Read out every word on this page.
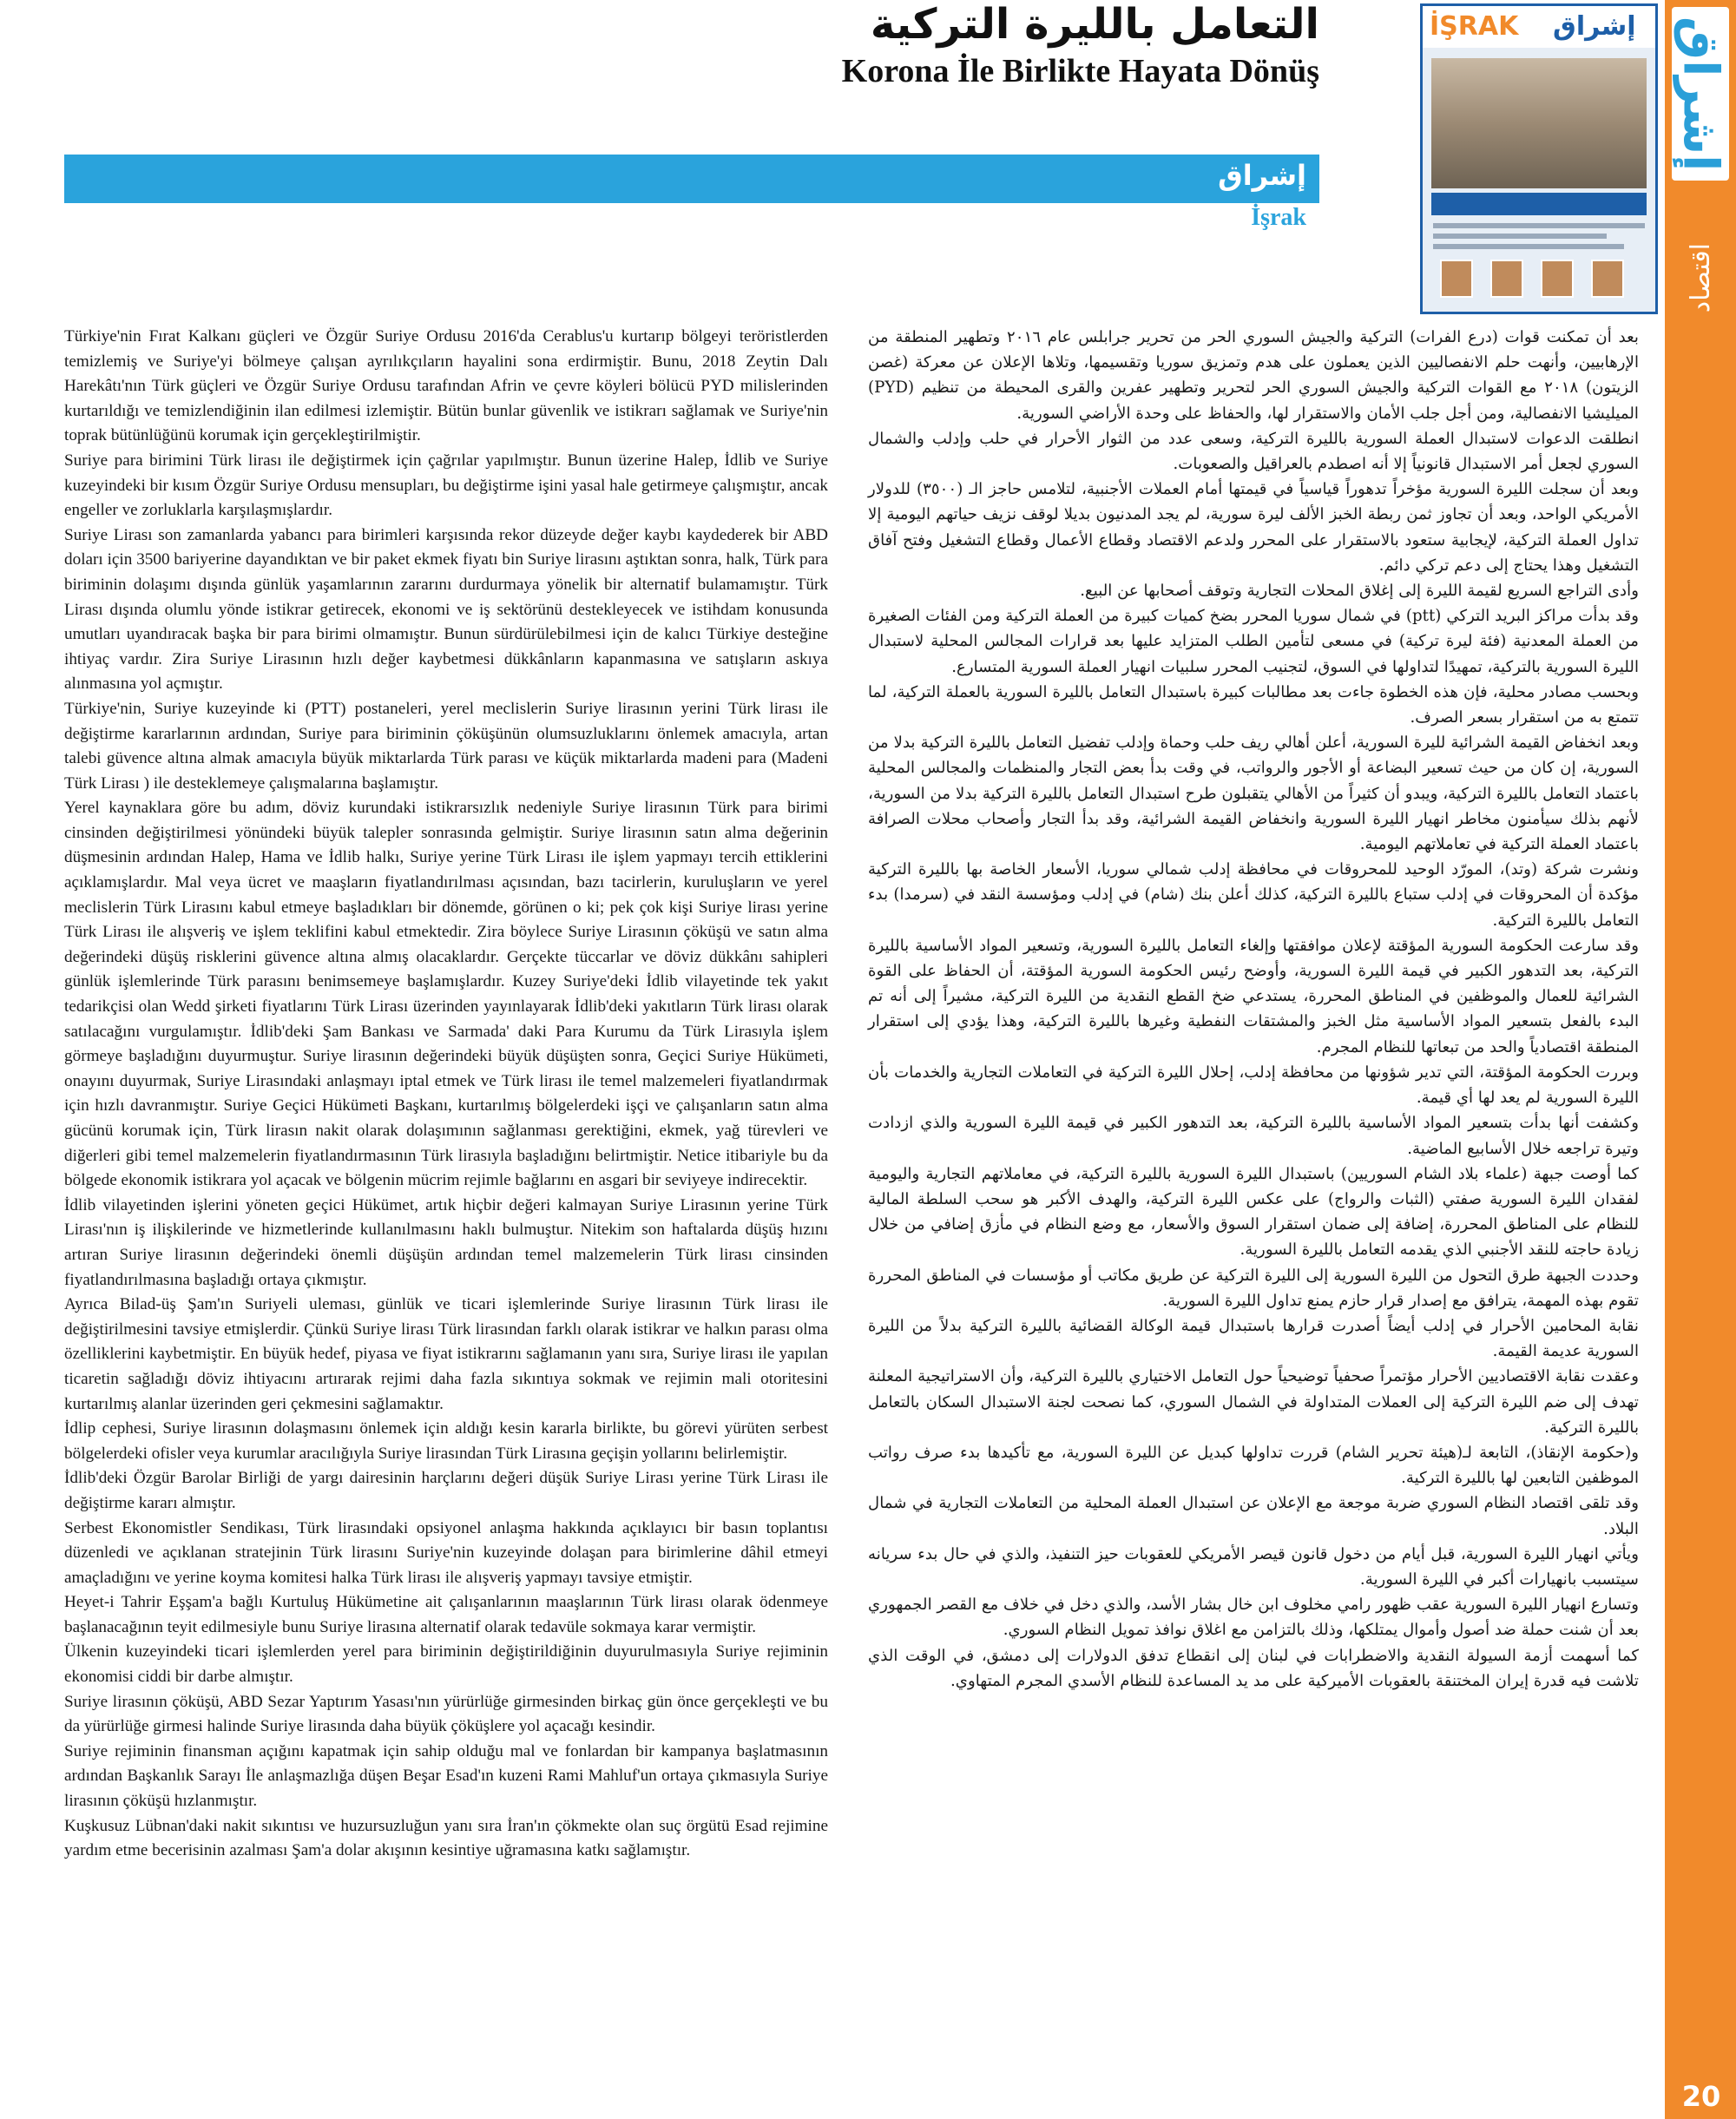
إشراق
اقتصاد
20
التعامل بالليرة التركية
Korona İle Birlikte Hayata Dönüş
إشراق
İşrak
İŞRAK إشراق

Türkiye'nin Fırat Kalkanı güçleri ve Özgür Suriye Ordusu 2016'da Cerablus'u kurtarıp bölgeyi teröristlerden temizlemiş ve Suriye'yi bölmeye çalışan ayrılıkçıların hayalini sona erdirmiştir. Bunu, 2018 Zeytin Dalı Harekâtı'nın Türk güçleri ve Özgür Suriye Ordusu tarafından Afrin ve çevre köyleri bölücü PYD milislerinden kurtarıldığı ve temizlendiğinin ilan edilmesi izlemiştir. Bütün bunlar güvenlik ve istikrarı sağlamak ve Suriye'nin toprak bütünlüğünü korumak için gerçekleştirilmiştir.

Suriye para birimini Türk lirası ile değiştirmek için çağrılar yapılmıştır. Bunun üzerine Halep, İdlib ve Suriye kuzeyindeki bir kısım Özgür Suriye Ordusu mensupları, bu değiştirme işini yasal hale getirmeye çalışmıştır, ancak engeller ve zorluklarla karşılaşmışlardır.

Suriye Lirası son zamanlarda yabancı para birimleri karşısında rekor düzeyde değer kaybı kaydederek bir ABD doları için 3500 bariyerine dayandıktan ve bir paket ekmek fiyatı bin Suriye lirasını aştıktan sonra, halk, Türk para biriminin dolaşımı dışında günlük yaşamlarının zararını durdurmaya yönelik bir alternatif bulamamıştır. Türk Lirası dışında olumlu yönde istikrar getirecek, ekonomi ve iş sektörünü destekleyecek ve istihdam konusunda umutları uyandıracak başka bir para birimi olmamıştır. Bunun sürdürülebilmesi için de kalıcı Türkiye desteğine ihtiyaç vardır. Zira Suriye Lirasının hızlı değer kaybetmesi dükkânların kapanmasına ve satışların askıya alınmasına yol açmıştır.

Türkiye'nin, Suriye kuzeyinde ki (PTT) postaneleri, yerel meclislerin Suriye lirasının yerini Türk lirası ile değiştirme kararlarının ardından, Suriye para biriminin çöküşünün olumsuzluklarını önlemek amacıyla, artan talebi güvence altına almak amacıyla büyük miktarlarda Türk parası ve küçük miktarlarda madeni para (Madeni Türk Lirası ) ile desteklemeye çalışmalarına başlamıştır.

Yerel kaynaklara göre bu adım, döviz kurundaki istikrarsızlık nedeniyle Suriye lirasının Türk para birimi cinsinden değiştirilmesi yönündeki büyük talepler sonrasında gelmiştir. Suriye lirasının satın alma değerinin düşmesinin ardından Halep, Hama ve İdlib halkı, Suriye yerine Türk Lirası ile işlem yapmayı tercih ettiklerini açıklamışlardır. Mal veya ücret ve maaşların fiyatlandırılması açısından, bazı tacirlerin, kuruluşların ve yerel meclislerin Türk Lirasını kabul etmeye başladıkları bir dönemde, görünen o ki; pek çok kişi Suriye lirası yerine Türk Lirası ile alışveriş ve işlem teklifini kabul etmektedir. Zira böylece Suriye Lirasının çöküşü ve satın alma değerindeki düşüş risklerini güvence altına almış olacaklardır. Gerçekte tüccarlar ve döviz dükkânı sahipleri günlük işlemlerinde Türk parasını benimsemeye başlamışlardır. Kuzey Suriye'deki İdlib vilayetinde tek yakıt tedarikçisi olan Wedd şirketi fiyatlarını Türk Lirası üzerinden yayınlayarak İdlib'deki yakıtların Türk lirası olarak satılacağını vurgulamıştır. İdlib'deki Şam Bankası ve Sarmada' daki Para Kurumu da Türk Lirasıyla işlem görmeye başladığını duyurmuştur. Suriye lirasının değerindeki büyük düşüşten sonra, Geçici Suriye Hükümeti, onayını duyurmak, Suriye Lirasındaki anlaşmayı iptal etmek ve Türk lirası ile temel malzemeleri fiyatlandırmak için hızlı davranmıştır. Suriye Geçici Hükümeti Başkanı, kurtarılmış bölgelerdeki işçi ve çalışanların satın alma gücünü korumak için, Türk lirasın nakit olarak dolaşımının sağlanması gerektiğini, ekmek, yağ türevleri ve diğerleri gibi temel malzemelerin fiyatlandırmasının Türk lirasıyla başladığını belirtmiştir. Netice itibariyle bu da bölgede ekonomik istikrara yol açacak ve bölgenin mücrim rejimle bağlarını en asgari bir seviyeye indirecektir.

İdlib vilayetinden işlerini yöneten geçici Hükümet, artık hiçbir değeri kalmayan Suriye Lirasının yerine Türk Lirası'nın iş ilişkilerinde ve hizmetlerinde kullanılmasını haklı bulmuştur. Nitekim son haftalarda düşüş hızını artıran Suriye lirasının değerindeki önemli düşüşün ardından temel malzemelerin Türk lirası cinsinden fiyatlandırılmasına başladığı ortaya çıkmıştır.

Ayrıca Bilad-üş Şam'ın Suriyeli uleması, günlük ve ticari işlemlerinde Suriye lirasının Türk lirası ile değiştirilmesini tavsiye etmişlerdir. Çünkü Suriye lirası Türk lirasından farklı olarak istikrar ve halkın parası olma özelliklerini kaybetmiştir. En büyük hedef, piyasa ve fiyat istikrarını sağlamanın yanı sıra, Suriye lirası ile yapılan ticaretin sağladığı döviz ihtiyacını artırarak rejimi daha fazla sıkıntıya sokmak ve rejimin mali otoritesini kurtarılmış alanlar üzerinden geri çekmesini sağlamaktır.

İdlip cephesi, Suriye lirasının dolaşmasını önlemek için aldığı kesin kararla birlikte, bu görevi yürüten serbest bölgelerdeki ofisler veya kurumlar aracılığıyla Suriye lirasından Türk Lirasına geçişin yollarını belirlemiştir.

İdlib'deki Özgür Barolar Birliği de yargı dairesinin harçlarını değeri düşük Suriye Lirası yerine Türk Lirası ile değiştirme kararı almıştır.

Serbest Ekonomistler Sendikası, Türk lirasındaki opsiyonel anlaşma hakkında açıklayıcı bir basın toplantısı düzenledi ve açıklanan stratejinin Türk lirasını Suriye'nin kuzeyinde dolaşan para birimlerine dâhil etmeyi amaçladığını ve yerine koyma komitesi halka Türk lirası ile alışveriş yapmayı tavsiye etmiştir.

Heyet-i Tahrir Eşşam'a bağlı Kurtuluş Hükümetine ait çalışanlarının maaşlarının Türk lirası olarak ödenmeye başlanacağının teyit edilmesiyle bunu Suriye lirasına alternatif olarak tedavüle sokmaya karar vermiştir.

Ülkenin kuzeyindeki ticari işlemlerden yerel para biriminin değiştirildiğinin duyurulmasıyla Suriye rejiminin ekonomisi ciddi bir darbe almıştır.

Suriye lirasının çöküşü, ABD Sezar Yaptırım Yasası'nın yürürlüğe girmesinden birkaç gün önce gerçekleşti ve bu da yürürlüğe girmesi halinde Suriye lirasında daha büyük çöküşlere yol açacağı kesindir.

Suriye rejiminin finansman açığını kapatmak için sahip olduğu mal ve fonlardan bir kampanya başlatmasının ardından Başkanlık Sarayı İle anlaşmazlığa düşen Beşar Esad'ın kuzeni Rami Mahluf'un ortaya çıkmasıyla Suriye lirasının çöküşü hızlanmıştır.

Kuşkusuz Lübnan'daki nakit sıkıntısı ve huzursuzluğun yanı sıra İran'ın çökmekte olan suç örgütü Esad rejimine yardım etme becerisinin azalması Şam'a dolar akışının kesintiye uğramasına katkı sağlamıştır.

بعد أن تمكنت قوات (درع الفرات) التركية والجيش السوري الحر من تحرير جرابلس عام ٢٠١٦ وتطهير المنطقة من الإرهابيين، وأنهت حلم الانفصاليين الذين يعملون على هدم وتمزيق سوريا وتقسيمها، وتلاها الإعلان عن معركة (غصن الزيتون) ٢٠١٨ مع القوات التركية والجيش السوري الحر لتحرير وتطهير عفرين والقرى المحيطة من تنظيم (PYD) الميليشيا الانفصالية، ومن أجل جلب الأمان والاستقرار لها، والحفاظ على وحدة الأراضي السورية.

انطلقت الدعوات لاستبدال العملة السورية بالليرة التركية، وسعى عدد من الثوار الأحرار في حلب وإدلب والشمال السوري لجعل أمر الاستبدال قانونياً إلا أنه اصطدم بالعراقيل والصعوبات.

وبعد أن سجلت الليرة السورية مؤخراً تدهوراً قياسياً في قيمتها أمام العملات الأجنبية، لتلامس حاجز الـ (٣٥٠٠) للدولار الأمريكي الواحد، وبعد أن تجاوز ثمن ربطة الخبز الألف ليرة سورية، لم يجد المدنيون بديلا لوقف نزيف حياتهم اليومية إلا تداول العملة التركية، لإيجابية ستعود بالاستقرار على المحرر ولدعم الاقتصاد وقطاع الأعمال وقطاع التشغيل وفتح آفاق التشغيل وهذا يحتاج إلى دعم تركي دائم.

وأدى التراجع السريع لقيمة الليرة إلى إغلاق المحلات التجارية وتوقف أصحابها عن البيع.

وقد بدأت مراكز البريد التركي (ptt) في شمال سوريا المحرر بضخ كميات كبيرة من العملة التركية ومن الفئات الصغيرة من العملة المعدنية (فئة ليرة تركية) في مسعى لتأمين الطلب المتزايد عليها بعد قرارات المجالس المحلية لاستبدال الليرة السورية بالتركية، تمهيدًا لتداولها في السوق، لتجنيب المحرر سلبيات انهيار العملة السورية المتسارع.

وبحسب مصادر محلية، فإن هذه الخطوة جاءت بعد مطالبات كبيرة باستبدال التعامل بالليرة السورية بالعملة التركية، لما تتمتع به من استقرار بسعر الصرف.

وبعد انخفاض القيمة الشرائية لليرة السورية، أعلن أهالي ريف حلب وحماة وإدلب تفضيل التعامل بالليرة التركية بدلا من السورية، إن كان من حيث تسعير البضاعة أو الأجور والرواتب، في وقت بدأ بعض التجار والمنظمات والمجالس المحلية باعتماد التعامل بالليرة التركية، ويبدو أن كثيراً من الأهالي يتقبلون طرح استبدال التعامل بالليرة التركية بدلا من السورية، لأنهم بذلك سيأمنون مخاطر انهيار الليرة السورية وانخفاض القيمة الشرائية، وقد بدأ التجار وأصحاب محلات الصرافة باعتماد العملة التركية في تعاملاتهم اليومية.

ونشرت شركة (وتد)، المورّد الوحيد للمحروقات في محافظة إدلب شمالي سوريا، الأسعار الخاصة بها بالليرة التركية مؤكدة أن المحروقات في إدلب ستباع بالليرة التركية، كذلك أعلن بنك (شام) في إدلب ومؤسسة النقد في (سرمدا) بدء التعامل بالليرة التركية.

وقد سارعت الحكومة السورية المؤقتة لإعلان موافقتها وإلغاء التعامل بالليرة السورية، وتسعير المواد الأساسية بالليرة التركية، بعد التدهور الكبير في قيمة الليرة السورية، وأوضح رئيس الحكومة السورية المؤقتة، أن الحفاظ على القوة الشرائية للعمال والموظفين في المناطق المحررة، يستدعي ضخ القطع النقدية من الليرة التركية، مشيراً إلى أنه تم البدء بالفعل بتسعير المواد الأساسية مثل الخبز والمشتقات النفطية وغيرها بالليرة التركية، وهذا يؤدي إلى استقرار المنطقة اقتصادياً والحد من تبعاتها للنظام المجرم.

وبررت الحكومة المؤقتة، التي تدير شؤونها من محافظة إدلب، إحلال الليرة التركية في التعاملات التجارية والخدمات بأن الليرة السورية لم يعد لها أي قيمة.

وكشفت أنها بدأت بتسعير المواد الأساسية بالليرة التركية، بعد التدهور الكبير في قيمة الليرة السورية والذي ازدادت وتيرة تراجعه خلال الأسابيع الماضية.

كما أوصت جبهة (علماء بلاد الشام السوريين) باستبدال الليرة السورية بالليرة التركية، في معاملاتهم التجارية واليومية لفقدان الليرة السورية صفتي (الثبات والرواج) على عكس الليرة التركية، والهدف الأكبر هو سحب السلطة المالية للنظام على المناطق المحررة، إضافة إلى ضمان استقرار السوق والأسعار، مع وضع النظام في مأزق إضافي من خلال زيادة حاجته للنقد الأجنبي الذي يقدمه التعامل بالليرة السورية.

وحددت الجبهة طرق التحول من الليرة السورية إلى الليرة التركية عن طريق مكاتب أو مؤسسات في المناطق المحررة تقوم بهذه المهمة، يترافق مع إصدار قرار حازم يمنع تداول الليرة السورية.

نقابة المحامين الأحرار في إدلب أيضاً أصدرت قرارها باستبدال قيمة الوكالة القضائية بالليرة التركية بدلاً من الليرة السورية عديمة القيمة.

وعقدت نقابة الاقتصاديين الأحرار مؤتمراً صحفياً توضيحياً حول التعامل الاختياري بالليرة التركية، وأن الاستراتيجية المعلنة تهدف إلى ضم الليرة التركية إلى العملات المتداولة في الشمال السوري، كما نصحت لجنة الاستبدال السكان بالتعامل بالليرة التركية.

و(حكومة الإنقاذ)، التابعة لـ(هيئة تحرير الشام) قررت تداولها كبديل عن الليرة السورية، مع تأكيدها بدء صرف رواتب الموظفين التابعين لها بالليرة التركية.

وقد تلقى اقتصاد النظام السوري ضربة موجعة مع الإعلان عن استبدال العملة المحلية من التعاملات التجارية في شمال البلاد.

ويأتي انهيار الليرة السورية، قبل أيام من دخول قانون قيصر الأمريكي للعقوبات حيز التنفيذ، والذي في حال بدء سريانه سيتسبب بانهيارات أكبر في الليرة السورية.

وتسارع انهيار الليرة السورية عقب ظهور رامي مخلوف ابن خال بشار الأسد، والذي دخل في خلاف مع القصر الجمهوري بعد أن شنت حملة ضد أصول وأموال يمتلكها، وذلك بالتزامن مع اغلاق نوافذ تمويل النظام السوري.

كما أسهمت أزمة السيولة النقدية والاضطرابات في لبنان إلى انقطاع تدفق الدولارات إلى دمشق، في الوقت الذي تلاشت فيه قدرة إيران المختنقة بالعقوبات الأميركية على مد يد المساعدة للنظام الأسدي المجرم المتهاوي.
